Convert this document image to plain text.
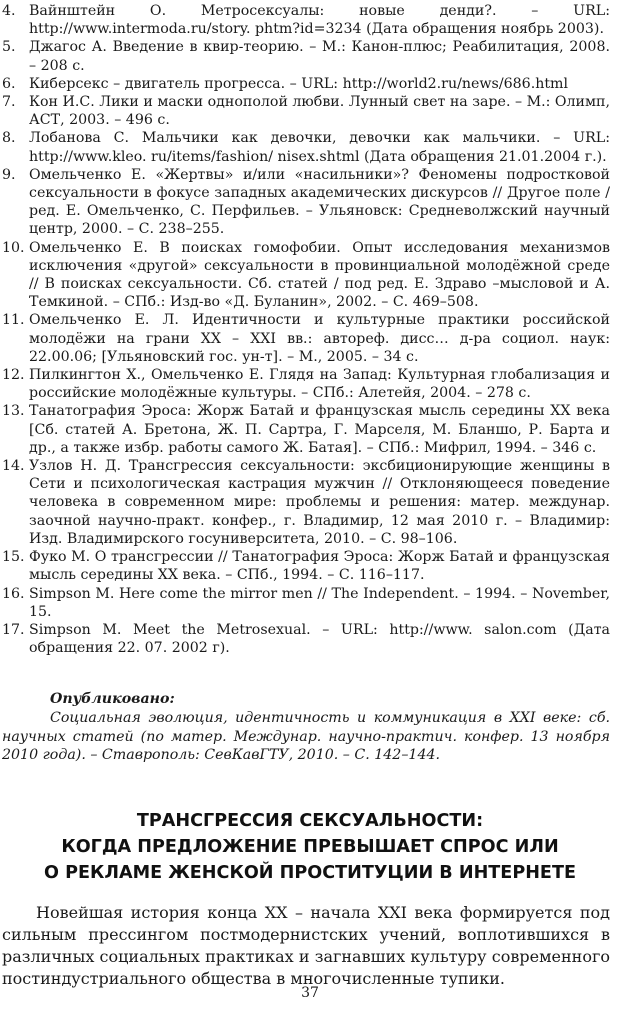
4. Вайнштейн О. Метросексуалы: новые денди?. – URL: http://www.intermoda.ru/story. phtm?id=3234 (Дата обращения ноябрь 2003).
5. Джагос А. Введение в квир-теорию. – М.: Канон-плюс; Реабилитация, 2008. – 208 с.
6. Киберсекс – двигатель прогресса. – URL: http://world2.ru/news/686.html
7. Кон И.С. Лики и маски однополой любви. Лунный свет на заре. – М.: Олимп, АСТ, 2003. – 496 с.
8. Лобанова С. Мальчики как девочки, девочки как мальчики. – URL: http://www.kleo. ru/items/fashion/ nisex.shtml (Дата обращения 21.01.2004 г.).
9. Омельченко Е. «Жертвы» и/или «насильники»? Феномены подростковой сексуальности в фокусе западных академических дискурсов // Другое поле / ред. Е. Омельченко, С. Перфильев. – Ульяновск: Средневолжский научный центр, 2000. – С. 238–255.
10. Омельченко Е. В поисках гомофобии. Опыт исследования механизмов исключения «другой» сексуальности в провинциальной молодёжной среде // В поисках сексуальности. Сб. статей / под ред. Е. Здраво –мысловой и А. Темкиной. – СПб.: Изд-во «Д. Буланин», 2002. – С. 469–508.
11. Омельченко Е. Л. Идентичности и культурные практики российской молодёжи на грани XX – XXI вв.: автореф. дисс… д-ра социол. наук: 22.00.06; [Ульяновский гос. ун-т]. – М., 2005. – 34 с.
12. Пилкингтон Х., Омельченко Е. Глядя на Запад: Культурная глобализация и российские молодёжные культуры. – СПб.: Алетейя, 2004. – 278 с.
13. Танатография Эроса: Жорж Батай и французская мысль середины XX века [Сб. статей А. Бретона, Ж. П. Сартра, Г. Марселя, М. Бланшо, Р. Барта и др., а также избр. работы самого Ж. Батая]. – СПб.: Мифрил, 1994. – 346 с.
14. Узлов Н. Д. Трансгрессия сексуальности: эксбиционирующие женщины в Сети и психологическая кастрация мужчин // Отклоняющееся поведение человека в современном мире: проблемы и решения: матер. междунар. заочной научно-практ. конфер., г. Владимир, 12 мая 2010 г. – Владимир: Изд. Владимирского госуниверситета, 2010. – С. 98–106.
15. Фуко М. О трансгрессии // Танатография Эроса: Жорж Батай и французская мысль середины XX века. – СПб., 1994. – С. 116–117.
16. Simpson M. Here come the mirror men // The Independent. – 1994. – November, 15.
17. Simpson M. Meet the Metrosexual. – URL: http://www. salon.com (Дата обращения 22. 07. 2002 г).
Опубликовано:
Социальная эволюция, идентичность и коммуникация в XXI веке: сб. научных статей (по матер. Междунар. научно-практич. конфер. 13 ноября 2010 года). – Ставрополь: СевКавГТУ, 2010. – С. 142–144.
ТРАНСГРЕССИЯ СЕКСУАЛЬНОСТИ:
КОГДА ПРЕДЛОЖЕНИЕ ПРЕВЫШАЕТ СПРОС ИЛИ
О РЕКЛАМЕ ЖЕНСКОЙ ПРОСТИТУЦИИ В ИНТЕРНЕТЕ

Новейшая история конца XX – начала XXI века формируется под сильным прессингом постмодернистских учений, воплотившихся в различных социальных практиках и загнавших культуру современного постиндустриального общества в многочисленные тупики.

37
